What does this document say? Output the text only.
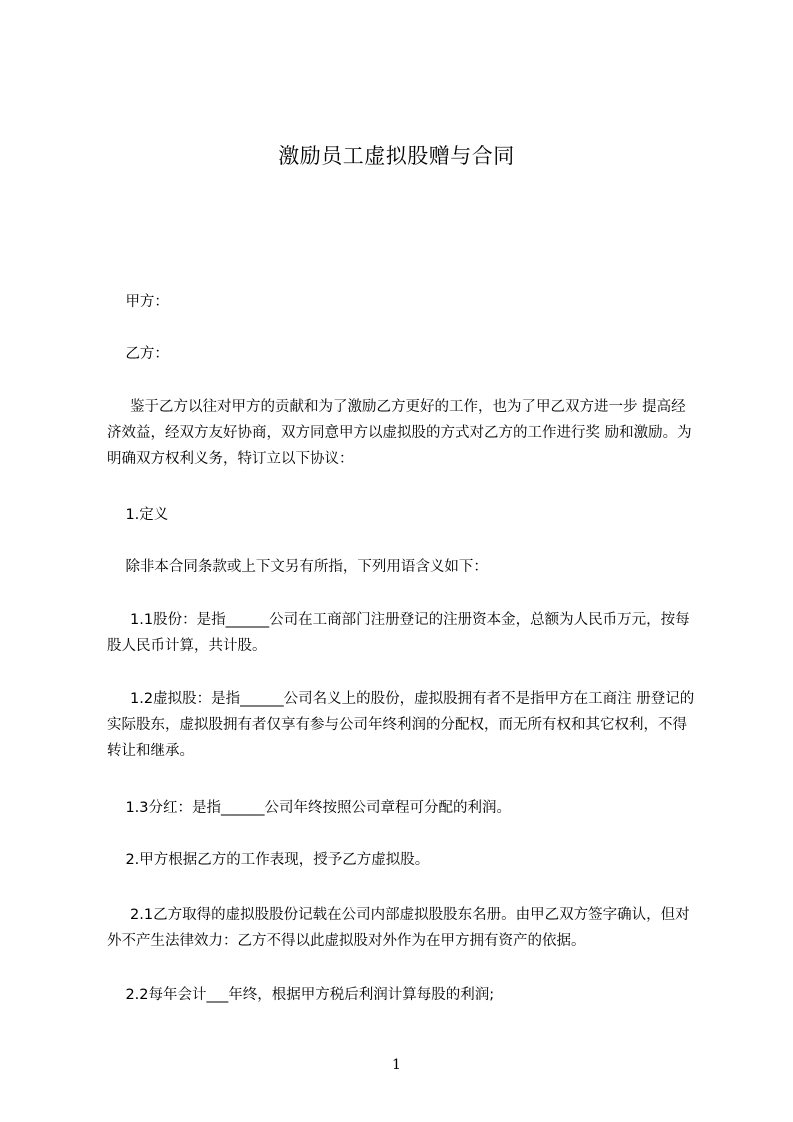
激励员工虚拟股赠与合同
甲方：
乙方：
鉴于乙方以往对甲方的贡献和为了激励乙方更好的工作，也为了甲乙双方进一步 提高经济效益，经双方友好协商，双方同意甲方以虚拟股的方式对乙方的工作进行奖 励和激励。为明确双方权利义务，特订立以下协议：
1.定义
除非本合同条款或上下文另有所指，下列用语含义如下：
1.1股份：是指______公司在工商部门注册登记的注册资本金，总额为人民币万元，按每股人民币计算，共计股。
1.2虚拟股：是指______公司名义上的股份，虚拟股拥有者不是指甲方在工商注 册登记的实际股东，虚拟股拥有者仅享有参与公司年终利润的分配权，而无所有权和其它权利，不得转让和继承。
1.3分红：是指______公司年终按照公司章程可分配的利润。
2.甲方根据乙方的工作表现，授予乙方虚拟股。
2.1乙方取得的虚拟股股份记载在公司内部虚拟股股东名册。由甲乙双方签字确认，但对外不产生法律效力：乙方不得以此虚拟股对外作为在甲方拥有资产的依据。
2.2每年会计___年终，根据甲方税后利润计算每股的利润;
1
